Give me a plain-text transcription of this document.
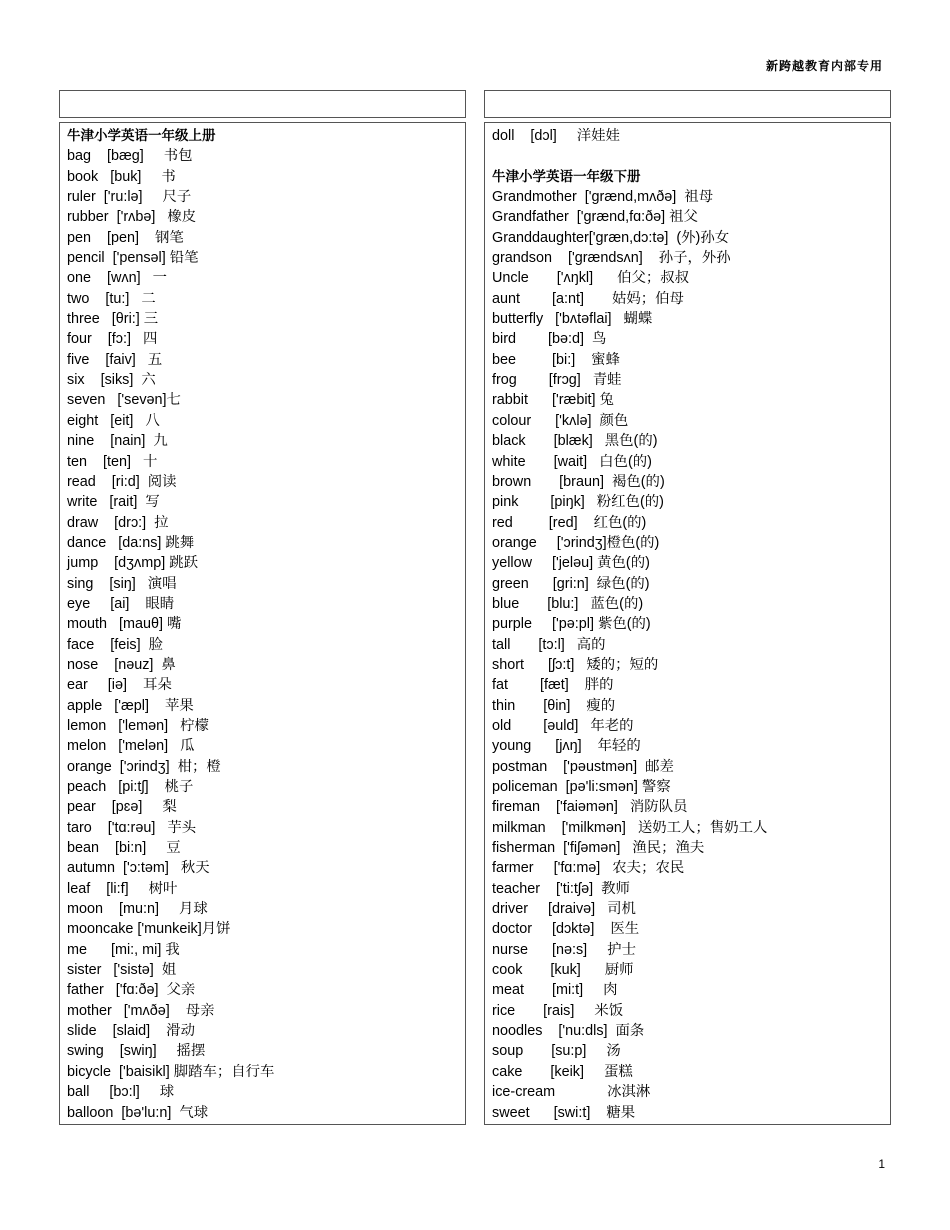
新跨越教育内部专用
牛津小学英语一年级上册
bag    [bæg]     书包
book   [buk]     书
ruler  ['ru:lə]     尺子
rubber  ['rʌbə]   橡皮
pen    [pen]    钢笔
pencil  ['pensəl] 铅笔
one    [wʌn]   一
two    [tu:]   二
three   [θri:] 三
four    [fɔ:]   四
five    [faiv]   五
six    [siks]  六
seven   ['sevən]七
eight   [eit]   八
nine    [nain]  九
ten    [ten]   十
read    [ri:d]  阅读
write   [rait]  写
draw    [drɔ:]  拉
dance   [da:ns] 跳舞
jump    [dʒʌmp] 跳跃
sing    [siŋ]   演唱
eye     [ai]    眼睛
mouth   [mauθ] 嘴
face    [feis]  脸
nose    [nəuz]  鼻
ear     [iə]    耳朵
apple   ['æpl]    苹果
lemon   ['lemən]   柠檬
melon   ['melən]   瓜
orange  ['ɔrindʒ]  柑；橙
peach   [pi:tʃ]    桃子
pear    [pɛə]     梨
taro    ['tɑ:rəu]   芋头
bean    [bi:n]     豆
autumn  ['ɔ:təm]   秋天
leaf    [li:f]     树叶
moon    [mu:n]     月球
mooncake ['munkeik]月饼
me      [mi:, mi] 我
sister   ['sistə]  姐
father   ['fɑ:ðə]  父亲
mother   ['mʌðə]    母亲
slide    [slaid]    滑动
swing    [swiŋ]     摇摆
bicycle  ['baisikl] 脚踏车；自行车
ball     [bɔ:l]     球
balloon  [bə'lu:n]  气球
doll    [dɔl]     洋娃娃
牛津小学英语一年级下册
Grandmother  ['grænd,mʌðə]  祖母
Grandfather  ['grænd,fɑ:ðə] 祖父
Granddaughter['græn,dɔ:tə]  (外)孙女
grandson    ['grændsʌn]    孙子，外孙
Uncle       ['ʌŋkl]      伯父；叔叔
aunt        [a:nt]       姑妈；伯母
butterfly   ['bʌtəflai]   蝴蝶
bird        [bə:d]  鸟
bee         [bi:]    蜜蜂
frog        [frɔg]   青蛙
rabbit      ['ræbit] 兔
colour      ['kʌlə]  颜色
black       [blæk]   黑色(的)
white       [wait]   白色(的)
brown       [braun]  褐色(的)
pink        [piŋk]   粉红色(的)
red         [red]    红色(的)
orange     ['ɔrindʒ]橙色(的)
yellow     ['jeləu] 黄色(的)
green      [gri:n]  绿色(的)
blue       [blu:]   蓝色(的)
purple     ['pə:pl] 紫色(的)
tall       [tɔ:l]   高的
short      [ʃɔ:t]   矮的；短的
fat        [fæt]    胖的
thin       [θin]    瘦的
old        [əuld]   年老的
young      [jʌŋ]    年轻的
postman    ['pəustmən]  邮差
policeman  [pə'li:smən] 警察
fireman    ['faiəmən]   消防队员
milkman    ['milkmən]   送奶工人；售奶工人
fisherman  ['fiʃəmən]   渔民；渔夫
farmer     ['fɑ:mə]   农夫；农民
teacher    ['ti:tʃə]  教师
driver     [draivə]   司机
doctor     [dɔktə]    医生
nurse      [nə:s]     护士
cook       [kuk]      厨师
meat       [mi:t]     肉
rice       [rais]     米饭
noodles    ['nu:dls]  面条
soup       [su:p]     汤
cake       [keik]     蛋糕
ice-cream             冰淇淋
sweet      [swi:t]    糖果
1
